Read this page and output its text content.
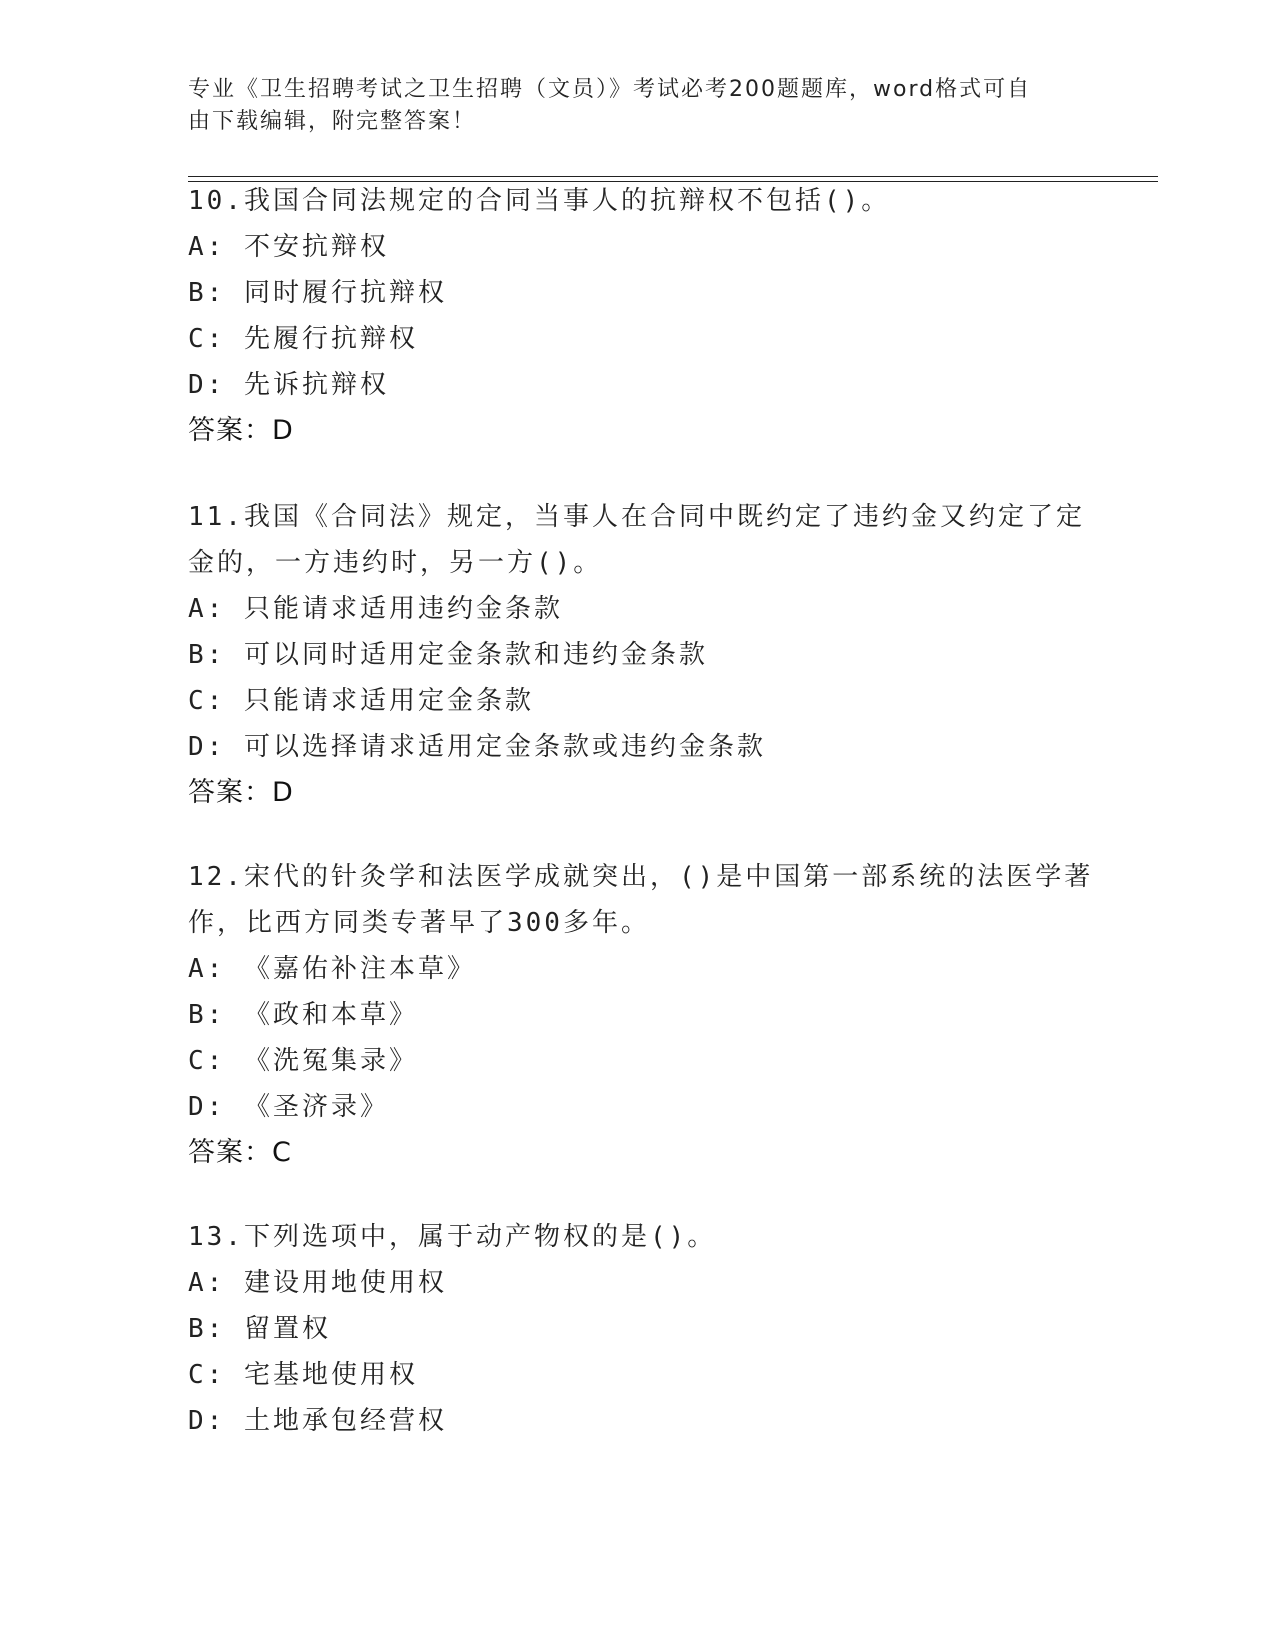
专业《卫生招聘考试之卫生招聘（文员）》考试必考200题题库，word格式可自
由下载编辑，附完整答案！
10.我国合同法规定的合同当事人的抗辩权不包括()。
A: 不安抗辩权
B: 同时履行抗辩权
C: 先履行抗辩权
D: 先诉抗辩权
答案：D
11.我国《合同法》规定，当事人在合同中既约定了违约金又约定了定
金的，一方违约时，另一方()。
A: 只能请求适用违约金条款
B: 可以同时适用定金条款和违约金条款
C: 只能请求适用定金条款
D: 可以选择请求适用定金条款或违约金条款
答案：D
12.宋代的针灸学和法医学成就突出，()是中国第一部系统的法医学著
作，比西方同类专著早了300多年。
A: 《嘉佑补注本草》
B: 《政和本草》
C: 《洗冤集录》
D: 《圣济录》
答案：C
13.下列选项中，属于动产物权的是()。
A: 建设用地使用权
B: 留置权
C: 宅基地使用权
D: 土地承包经营权
